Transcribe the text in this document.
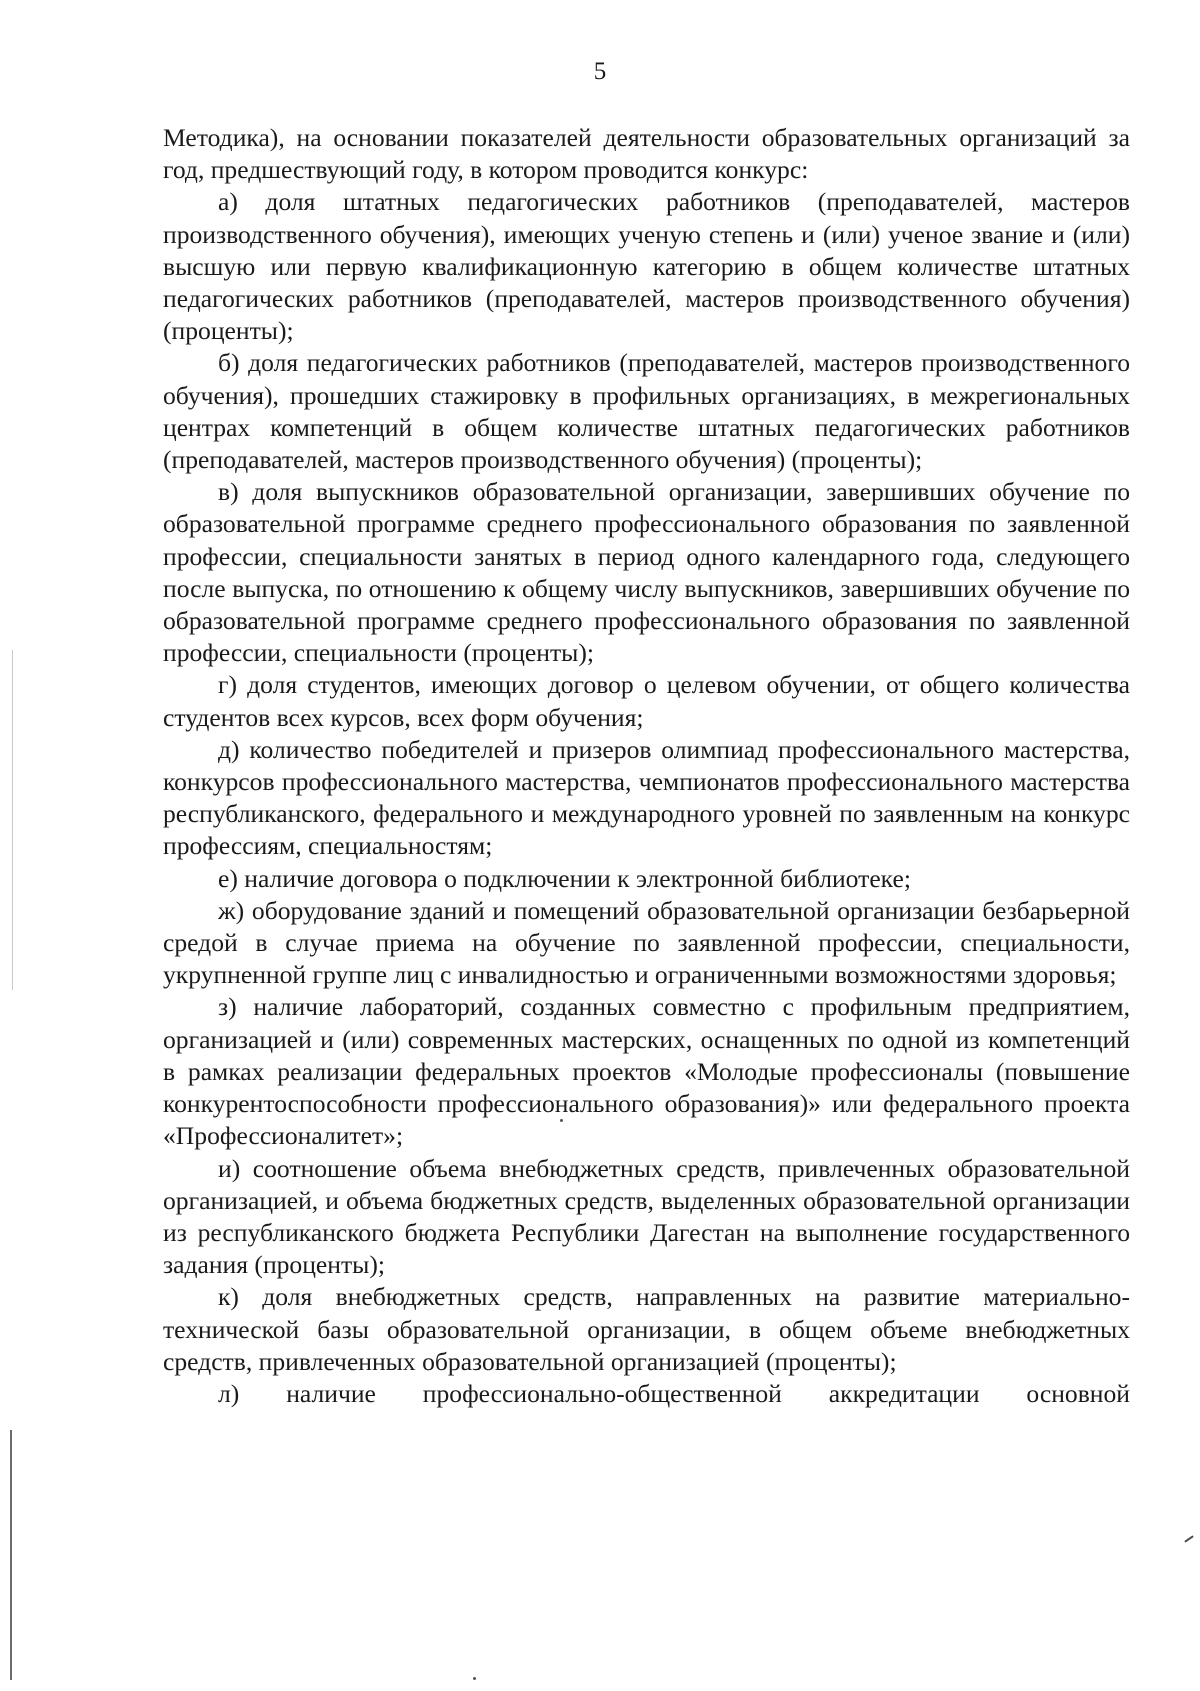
5

Методика), на основании показателей деятельности образовательных организаций за год, предшествующий году, в котором проводится конкурс:

а) доля штатных педагогических работников (преподавателей, мастеров производственного обучения), имеющих ученую степень и (или) ученое звание и (или) высшую или первую квалификационную категорию в общем количестве штатных педагогических работников (преподавателей, мастеров производственного обучения) (проценты);

б) доля педагогических работников (преподавателей, мастеров производственного обучения), прошедших стажировку в профильных организациях, в межрегиональных центрах компетенций в общем количестве штатных педагогических работников (преподавателей, мастеров производственного обучения) (проценты);

в) доля выпускников образовательной организации, завершивших обучение по образовательной программе среднего профессионального образования по заявленной профессии, специальности занятых в период одного календарного года, следующего после выпуска, по отношению к общему числу выпускников, завершивших обучение по образовательной программе среднего профессионального образования по заявленной профессии, специальности (проценты);

г) доля студентов, имеющих договор о целевом обучении, от общего количества студентов всех курсов, всех форм обучения;

д) количество победителей и призеров олимпиад профессионального мастерства, конкурсов профессионального мастерства, чемпионатов профессионального мастерства республиканского, федерального и международного уровней по заявленным на конкурс профессиям, специальностям;

е) наличие договора о подключении к электронной библиотеке;

ж) оборудование зданий и помещений образовательной организации безбарьерной средой в случае приема на обучение по заявленной профессии, специальности, укрупненной группе лиц с инвалидностью и ограниченными возможностями здоровья;

з) наличие лабораторий, созданных совместно с профильным предприятием, организацией и (или) современных мастерских, оснащенных по одной из компетенций в рамках реализации федеральных проектов «Молодые профессионалы (повышение конкурентоспособности профессионального образования)» или федерального проекта «Профессионалитет»;

и) соотношение объема внебюджетных средств, привлеченных образовательной организацией, и объема бюджетных средств, выделенных образовательной организации из республиканского бюджета Республики Дагестан на выполнение государственного задания (проценты);

к) доля внебюджетных средств, направленных на развитие материально-технической базы образовательной организации, в общем объеме внебюджетных средств, привлеченных образовательной организацией (проценты);

л) наличие профессионально-общественной аккредитации основной
